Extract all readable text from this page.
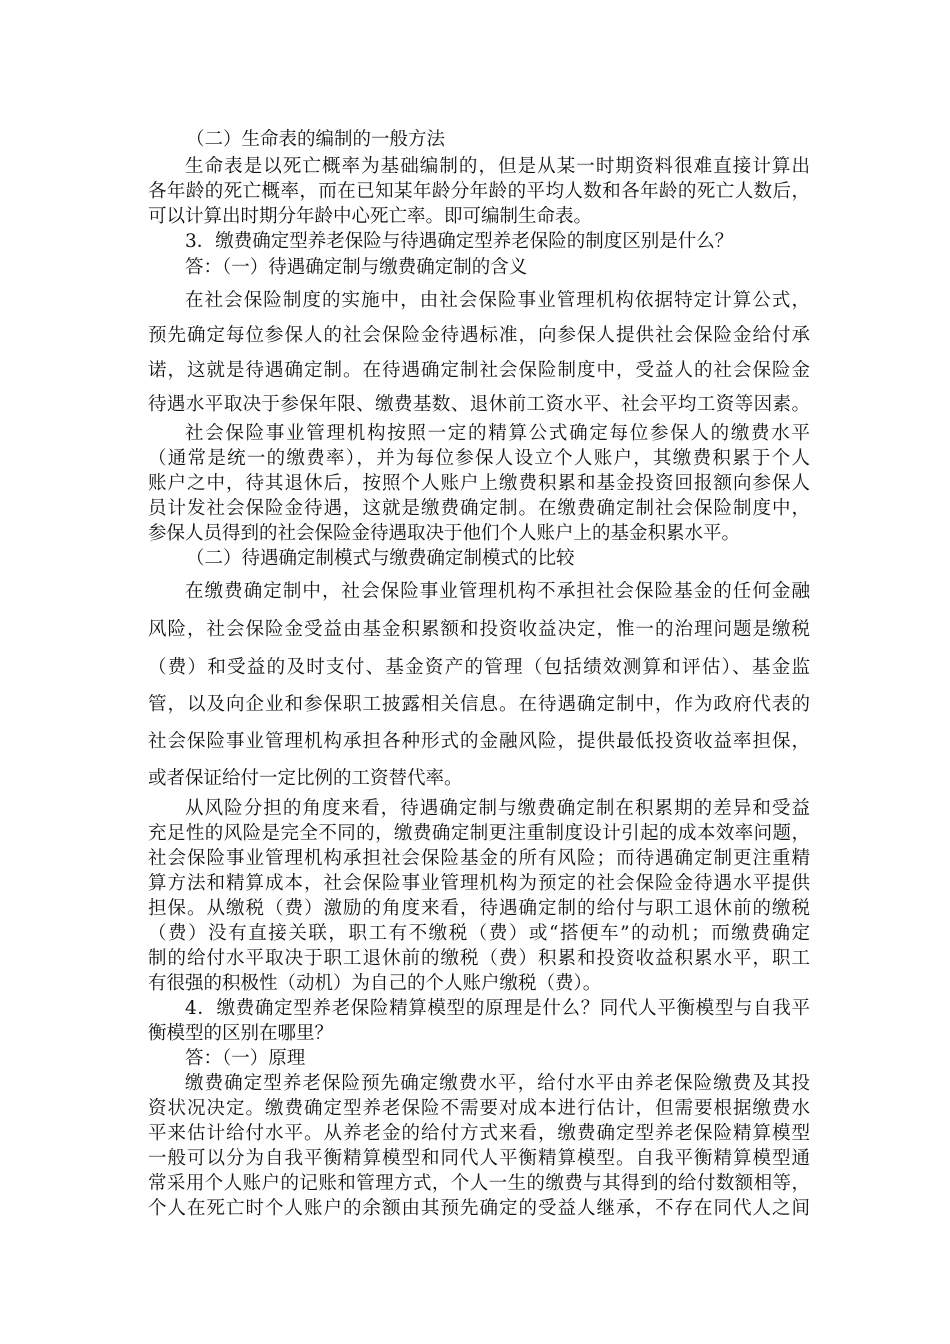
（二）生命表的编制的一般方法

生命表是以死亡概率为基础编制的，但是从某一时期资料很难直接计算出

各年龄的死亡概率，而在已知某年龄分年龄的平均人数和各年龄的死亡人数后，

可以计算出时期分年龄中心死亡率。即可编制生命表。

3．缴费确定型养老保险与待遇确定型养老保险的制度区别是什么？

答：（一）待遇确定制与缴费确定制的含义

在社会保险制度的实施中，由社会保险事业管理机构依据特定计算公式，

预先确定每位参保人的社会保险金待遇标准，向参保人提供社会保险金给付承

诺，这就是待遇确定制。在待遇确定制社会保险制度中，受益人的社会保险金

待遇水平取决于参保年限、缴费基数、退休前工资水平、社会平均工资等因素。

社会保险事业管理机构按照一定的精算公式确定每位参保人的缴费水平

（通常是统一的缴费率），并为每位参保人设立个人账户，其缴费积累于个人

账户之中，待其退休后，按照个人账户上缴费积累和基金投资回报额向参保人

员计发社会保险金待遇，这就是缴费确定制。在缴费确定制社会保险制度中，

参保人员得到的社会保险金待遇取决于他们个人账户上的基金积累水平。

（二）待遇确定制模式与缴费确定制模式的比较

在缴费确定制中，社会保险事业管理机构不承担社会保险基金的任何金融

风险，社会保险金受益由基金积累额和投资收益决定，惟一的治理问题是缴税

（费）和受益的及时支付、基金资产的管理（包括绩效测算和评估）、基金监

管，以及向企业和参保职工披露相关信息。在待遇确定制中，作为政府代表的

社会保险事业管理机构承担各种形式的金融风险，提供最低投资收益率担保，

或者保证给付一定比例的工资替代率。

从风险分担的角度来看，待遇确定制与缴费确定制在积累期的差异和受益

充足性的风险是完全不同的，缴费确定制更注重制度设计引起的成本效率问题，

社会保险事业管理机构承担社会保险基金的所有风险；而待遇确定制更注重精

算方法和精算成本，社会保险事业管理机构为预定的社会保险金待遇水平提供

担保。从缴税（费）激励的角度来看，待遇确定制的给付与职工退休前的缴税

（费）没有直接关联，职工有不缴税（费）或“搭便车”的动机；而缴费确定

制的给付水平取决于职工退休前的缴税（费）积累和投资收益积累水平，职工

有很强的积极性（动机）为自己的个人账户缴税（费）。

4．缴费确定型养老保险精算模型的原理是什么？同代人平衡模型与自我平

衡模型的区别在哪里？

答：（一）原理

缴费确定型养老保险预先确定缴费水平，给付水平由养老保险缴费及其投

资状况决定。缴费确定型养老保险不需要对成本进行估计，但需要根据缴费水

平来估计给付水平。从养老金的给付方式来看，缴费确定型养老保险精算模型

一般可以分为自我平衡精算模型和同代人平衡精算模型。自我平衡精算模型通

常采用个人账户的记账和管理方式，个人一生的缴费与其得到的给付数额相等，

个人在死亡时个人账户的余额由其预先确定的受益人继承，不存在同代人之间
